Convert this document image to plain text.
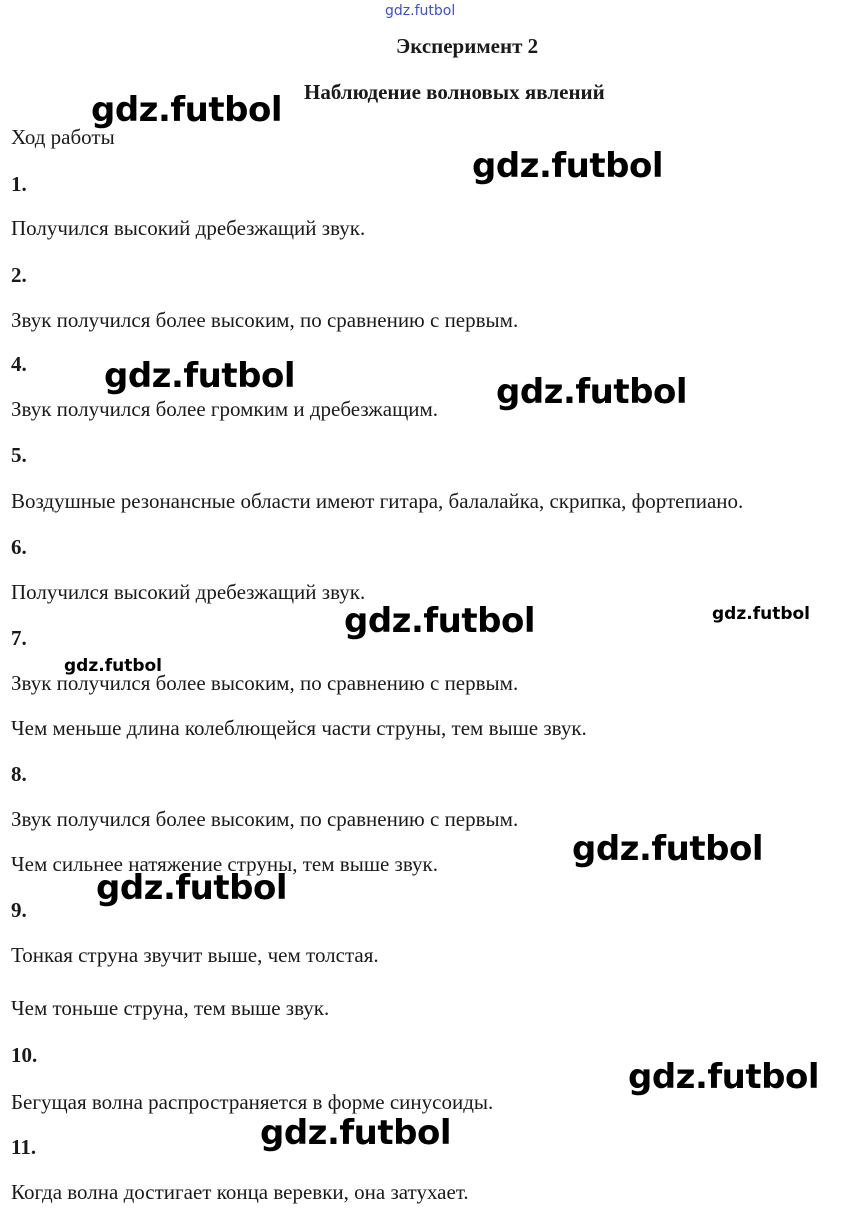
gdz.futbol
Эксперимент 2
Наблюдение волновых явлений
Ход работы
1.
Получился высокий дребезжащий звук.
2.
Звук получился более высоким, по сравнению с первым.
4.
Звук получился более громким и дребезжащим.
5.
Воздушные резонансные области имеют гитара, балалайка, скрипка, фортепиано.
6.
Получился высокий дребезжащий звук.
7.
Звук получился более высоким, по сравнению с первым.
Чем меньше длина колеблющейся части струны, тем выше звук.
8.
Звук получился более высоким, по сравнению с первым.
Чем сильнее натяжение струны, тем выше звук.
9.
Тонкая струна звучит выше, чем толстая.
Чем тоньше струна, тем выше звук.
10.
Бегущая волна распространяется в форме синусоиды.
11.
Когда волна достигает конца веревки, она затухает.
gdz.futbol
gdz.futbol
gdz.futbol	gdz.futbol
gdz.futbol	gdz.futbol
gdz.futbol
gdz.futbol
gdz.futbol
gdz.futbol
gdz.futbol
